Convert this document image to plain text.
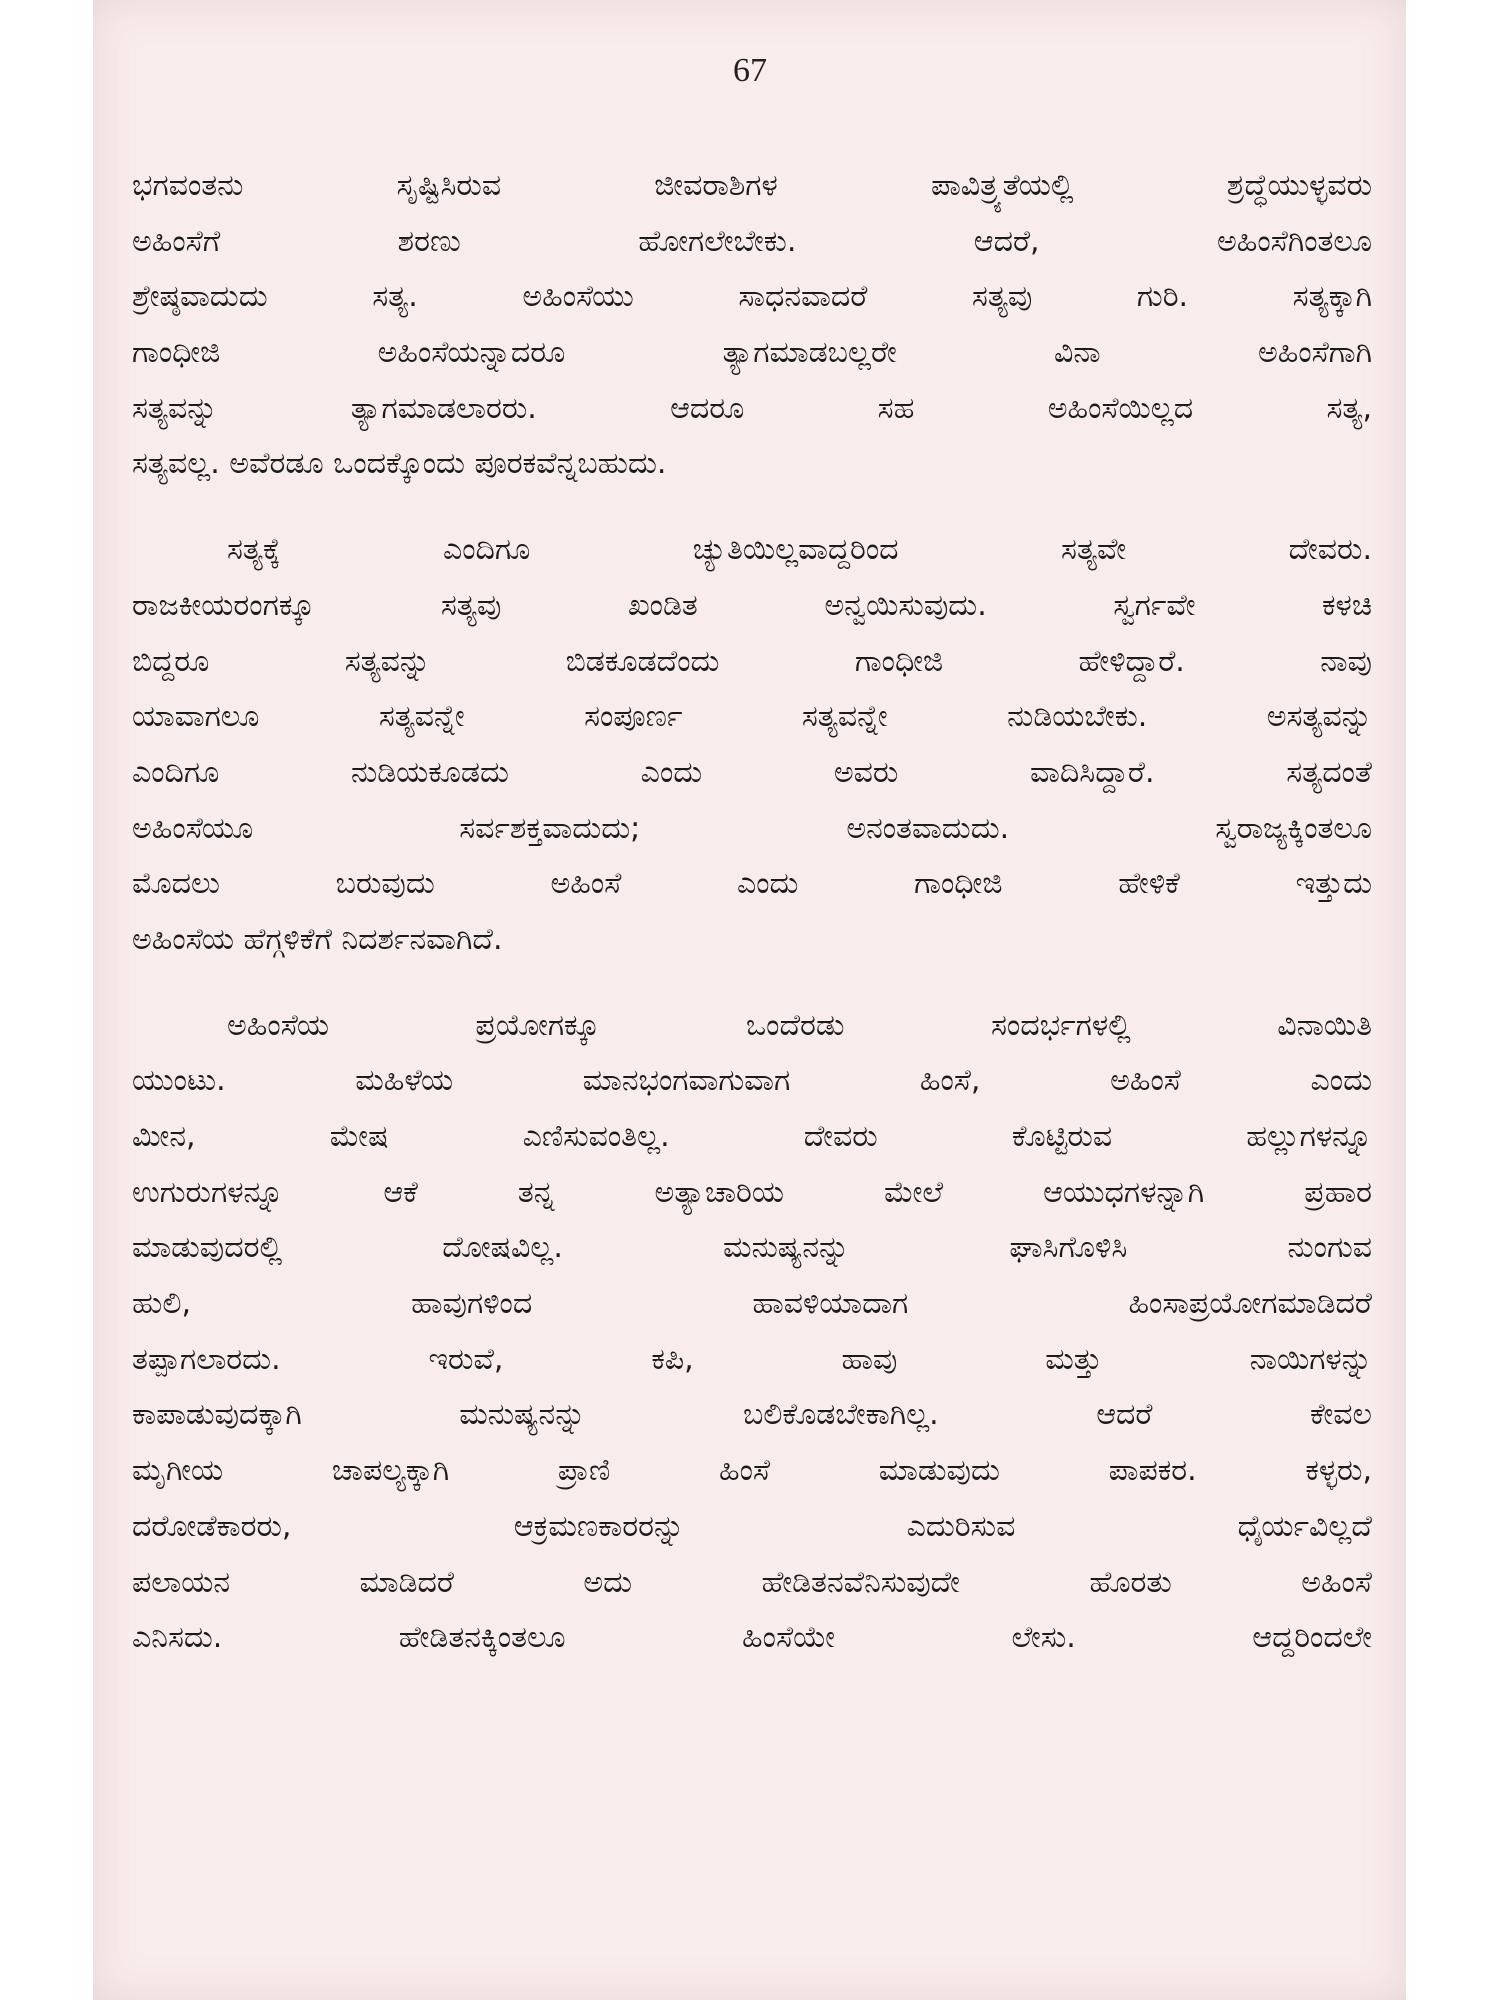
67
ಭಗವಂತನು ಸೃಷ್ಟಿಸಿರುವ ಜೀವರಾಶಿಗಳ ಪಾವಿತ್ರ್ಯತೆಯಲ್ಲಿ ಶ್ರದ್ಧೆಯುಳ್ಳವರು
ಅಹಿಂಸೆಗೆ ಶರಣು ಹೋಗಲೇಬೇಕು. ಆದರೆ, ಅಹಿಂಸೆಗಿಂತಲೂ
ಶ್ರೇಷ್ಠವಾದುದು ಸತ್ಯ. ಅಹಿಂಸೆಯು ಸಾಧನವಾದರೆ ಸತ್ಯವು ಗುರಿ. ಸತ್ಯಕ್ಕಾಗಿ
ಗಾಂಧೀಜಿ ಅಹಿಂಸೆಯನ್ನಾದರೂ ತ್ಯಾಗಮಾಡಬಲ್ಲರೇ ವಿನಾ ಅಹಿಂಸೆಗಾಗಿ
ಸತ್ಯವನ್ನು ತ್ಯಾಗಮಾಡಲಾರರು. ಆದರೂ ಸಹ ಅಹಿಂಸೆಯಿಲ್ಲದ ಸತ್ಯ,
ಸತ್ಯವಲ್ಲ. ಅವೆರಡೂ ಒಂದಕ್ಕೊಂದು ಪೂರಕವೆನ್ನಬಹುದು.
ಸತ್ಯಕ್ಕೆ ಎಂದಿಗೂ ಚ್ಯುತಿಯಿಲ್ಲವಾದ್ದರಿಂದ ಸತ್ಯವೇ ದೇವರು.
ರಾಜಕೀಯರಂಗಕ್ಕೂ ಸತ್ಯವು ಖಂಡಿತ ಅನ್ವಯಿಸುವುದು. ಸ್ವರ್ಗವೇ ಕಳಚಿ
ಬಿದ್ದರೂ ಸತ್ಯವನ್ನು ಬಿಡಕೂಡದೆಂದು ಗಾಂಧೀಜಿ ಹೇಳಿದ್ದಾರೆ. ನಾವು
ಯಾವಾಗಲೂ ಸತ್ಯವನ್ನೇ ಸಂಪೂರ್ಣ ಸತ್ಯವನ್ನೇ ನುಡಿಯಬೇಕು. ಅಸತ್ಯವನ್ನು
ಎಂದಿಗೂ ನುಡಿಯಕೂಡದು ಎಂದು ಅವರು ವಾದಿಸಿದ್ದಾರೆ. ಸತ್ಯದಂತೆ
ಅಹಿಂಸೆಯೂ ಸರ್ವಶಕ್ತವಾದುದು; ಅನಂತವಾದುದು. ಸ್ವರಾಜ್ಯಕ್ಕಿಂತಲೂ
ಮೊದಲು ಬರುವುದು ಅಹಿಂಸೆ ಎಂದು ಗಾಂಧೀಜಿ ಹೇಳಿಕೆ ಇತ್ತುದು
ಅಹಿಂಸೆಯ ಹೆಗ್ಗಳಿಕೆಗೆ ನಿದರ್ಶನವಾಗಿದೆ.
ಅಹಿಂಸೆಯ ಪ್ರಯೋಗಕ್ಕೂ ಒಂದೆರಡು ಸಂದರ್ಭಗಳಲ್ಲಿ ವಿನಾಯಿತಿ
ಯುಂಟು. ಮಹಿಳೆಯ ಮಾನಭಂಗವಾಗುವಾಗ ಹಿಂಸೆ, ಅಹಿಂಸೆ ಎಂದು
ಮೀನ, ಮೇಷ ಎಣಿಸುವಂತಿಲ್ಲ. ದೇವರು ಕೊಟ್ಟಿರುವ ಹಲ್ಲುಗಳನ್ನೂ
ಉಗುರುಗಳನ್ನೂ ಆಕೆ ತನ್ನ ಅತ್ಯಾಚಾರಿಯ ಮೇಲೆ ಆಯುಧಗಳನ್ನಾಗಿ ಪ್ರಹಾರ
ಮಾಡುವುದರಲ್ಲಿ ದೋಷವಿಲ್ಲ. ಮನುಷ್ಯನನ್ನು ಘಾಸಿಗೊಳಿಸಿ ನುಂಗುವ
ಹುಲಿ, ಹಾವುಗಳಿಂದ ಹಾವಳಿಯಾದಾಗ ಹಿಂಸಾಪ್ರಯೋಗಮಾಡಿದರೆ
ತಪ್ಪಾಗಲಾರದು. ಇರುವೆ, ಕಪಿ, ಹಾವು ಮತ್ತು ನಾಯಿಗಳನ್ನು
ಕಾಪಾಡುವುದಕ್ಕಾಗಿ ಮನುಷ್ಯನನ್ನು ಬಲಿಕೊಡಬೇಕಾಗಿಲ್ಲ. ಆದರೆ ಕೇವಲ
ಮೃಗೀಯ ಚಾಪಲ್ಯಕ್ಕಾಗಿ ಪ್ರಾಣಿ ಹಿಂಸೆ ಮಾಡುವುದು ಪಾಪಕರ. ಕಳ್ಳರು,
ದರೋಡೆಕಾರರು, ಆಕ್ರಮಣಕಾರರನ್ನು ಎದುರಿಸುವ ಧೈರ್ಯವಿಲ್ಲದೆ
ಪಲಾಯನ ಮಾಡಿದರೆ ಅದು ಹೇಡಿತನವೆನಿಸುವುದೇ ಹೊರತು ಅಹಿಂಸೆ
ಎನಿಸದು. ಹೇಡಿತನಕ್ಕಿಂತಲೂ ಹಿಂಸೆಯೇ ಲೇಸು. ಆದ್ದರಿಂದಲೇ
